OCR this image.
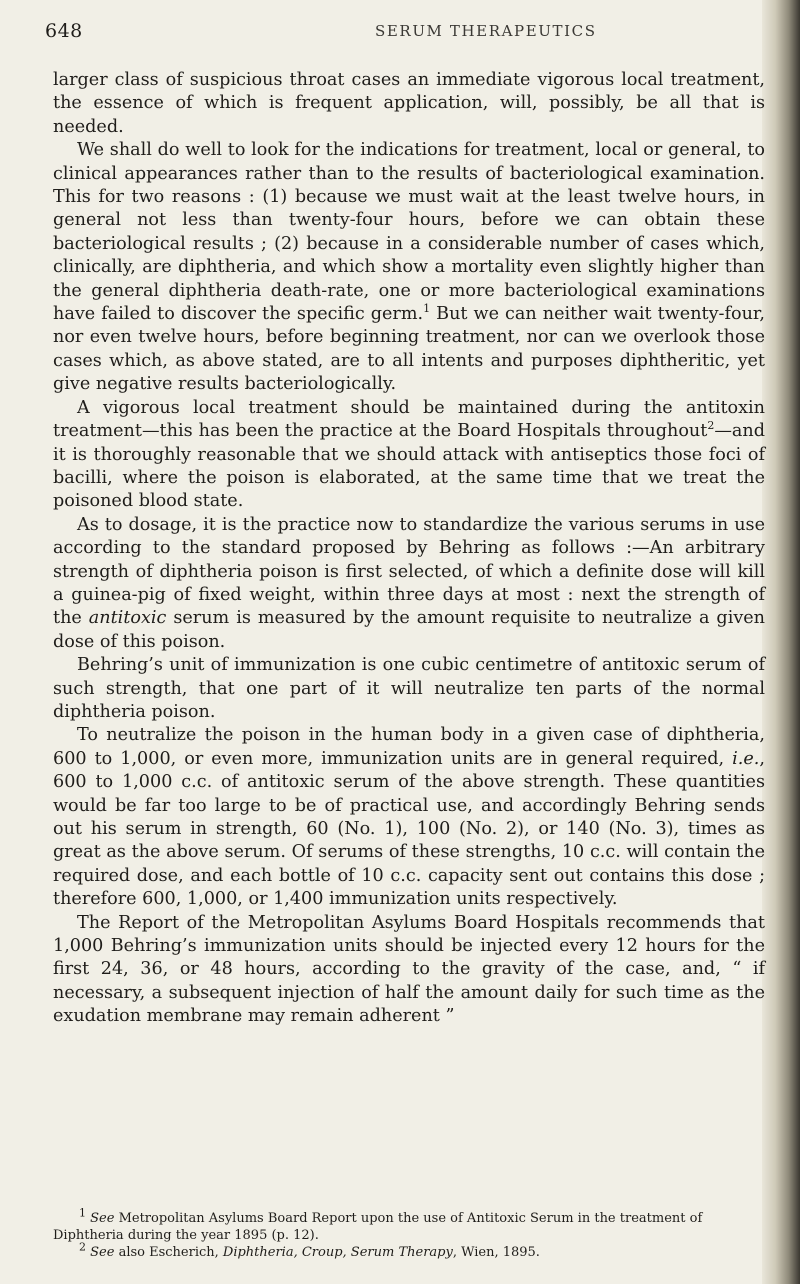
648	SERUM THERAPEUTICS

larger class of suspicious throat cases an immediate vigorous local treatment, the essence of which is frequent application, will, possibly, be all that is needed.

We shall do well to look for the indications for treatment, local or general, to clinical appearances rather than to the results of bacteriological examination. This for two reasons : (1) because we must wait at the least twelve hours, in general not less than twenty-four hours, before we can obtain these bacteriological results ; (2) because in a considerable number of cases which, clinically, are diphtheria, and which show a mortality even slightly higher than the general diphtheria death-rate, one or more bacteriological examinations have failed to discover the specific germ.$^1$ But we can neither wait twenty-four, nor even twelve hours, before beginning treatment, nor can we overlook those cases which, as above stated, are to all intents and purposes diphtheritic, yet give negative results bacteriologically.

A vigorous local treatment should be maintained during the antitoxin treatment—this has been the practice at the Board Hospitals throughout$^2$—and it is thoroughly reasonable that we should attack with antiseptics those foci of bacilli, where the poison is elaborated, at the same time that we treat the poisoned blood state.

As to dosage, it is the practice now to standardize the various serums in use according to the standard proposed by Behring as follows :—An arbitrary strength of diphtheria poison is first selected, of which a definite dose will kill a guinea-pig of fixed weight, within three days at most : next the strength of the antitoxic serum is measured by the amount requisite to neutralize a given dose of this poison.

Behring’s unit of immunization is one cubic centimetre of antitoxic serum of such strength, that one part of it will neutralize ten parts of the normal diphtheria poison.

To neutralize the poison in the human body in a given case of diphtheria, 600 to 1,000, or even more, immunization units are in general required, i.e., 600 to 1,000 c.c. of antitoxic serum of the above strength. These quantities would be far too large to be of practical use, and accordingly Behring sends out his serum in strength, 60 (No. 1), 100 (No. 2), or 140 (No. 3), times as great as the above serum. Of serums of these strengths, 10 c.c. will contain the required dose, and each bottle of 10 c.c. capacity sent out contains this dose ; therefore 600, 1,000, or 1,400 immunization units respectively.

The Report of the Metropolitan Asylums Board Hospitals recommends that 1,000 Behring’s immunization units should be injected every 12 hours for the first 24, 36, or 48 hours, according to the gravity of the case, and, “ if necessary, a subsequent injection of half the amount daily for such time as the exudation membrane may remain adherent ”

$^1$ See Metropolitan Asylums Board Report upon the use of Antitoxic Serum in the treatment of Diphtheria during the year 1895 (p. 12).

$^2$ See also Escherich, Diphtheria, Croup, Serum Therapy, Wien, 1895.
